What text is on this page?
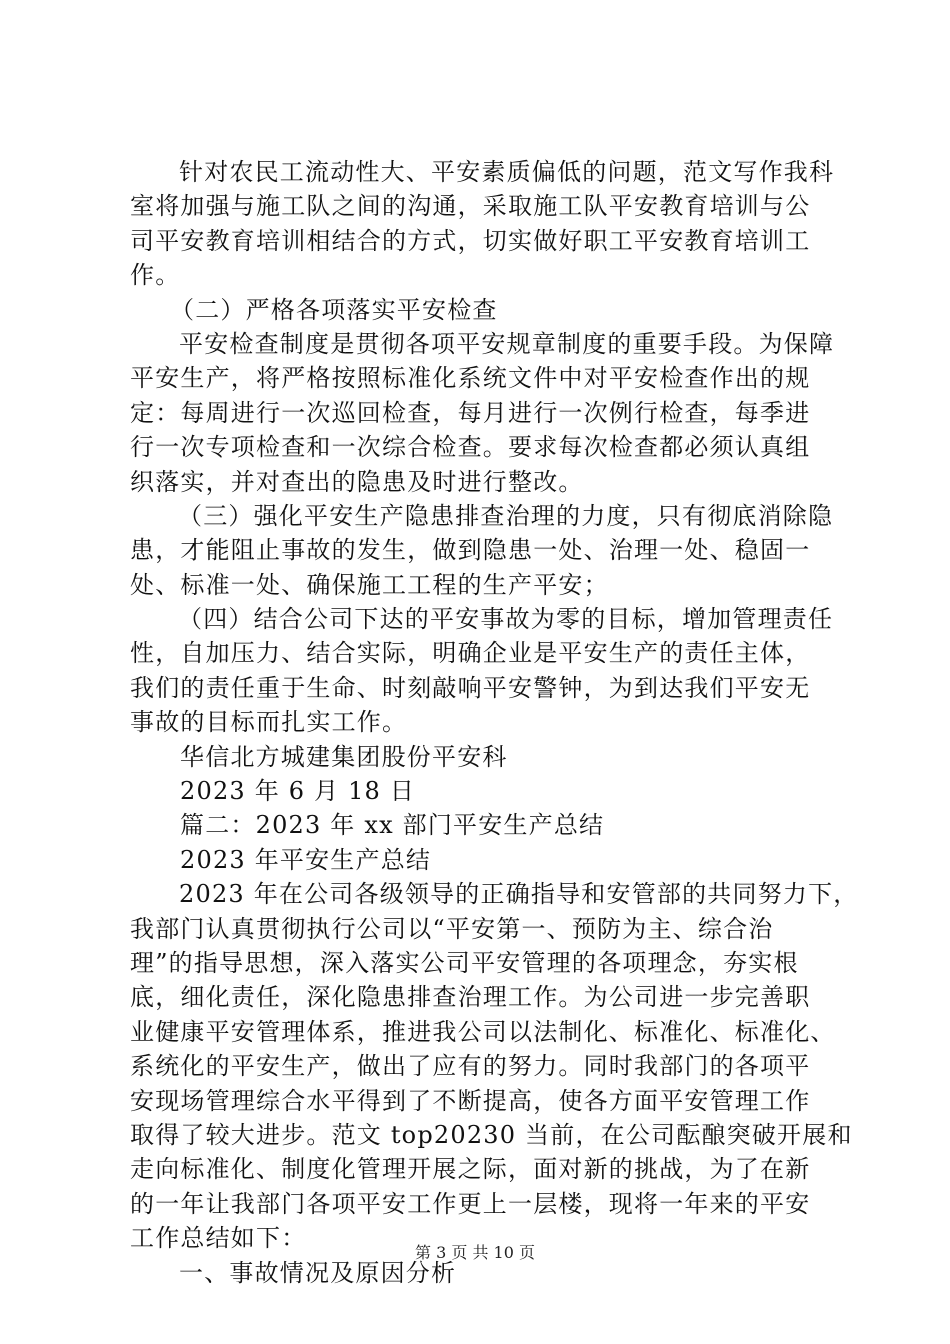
针对农民工流动性大、平安素质偏低的问题，范文写作我科
室将加强与施工队之间的沟通，采取施工队平安教育培训与公
司平安教育培训相结合的方式，切实做好职工平安教育培训工
作。
（二）严格各项落实平安检查
平安检查制度是贯彻各项平安规章制度的重要手段。为保障
平安生产，将严格按照标准化系统文件中对平安检查作出的规
定：每周进行一次巡回检查，每月进行一次例行检查，每季进
行一次专项检查和一次综合检查。要求每次检查都必须认真组
织落实，并对查出的隐患及时进行整改。
（三）强化平安生产隐患排查治理的力度，只有彻底消除隐
患，才能阻止事故的发生，做到隐患一处、治理一处、稳固一
处、标准一处、确保施工工程的生产平安；
（四）结合公司下达的平安事故为零的目标，增加管理责任
性，自加压力、结合实际，明确企业是平安生产的责任主体，
我们的责任重于生命、时刻敲响平安警钟，为到达我们平安无
事故的目标而扎实工作。
华信北方城建集团股份平安科
2023 年 6 月 18 日
篇二：2023 年 xx 部门平安生产总结
2023 年平安生产总结
2023 年在公司各级领导的正确指导和安管部的共同努力下，
我部门认真贯彻执行公司以“平安第一、预防为主、综合治
理”的指导思想，深入落实公司平安管理的各项理念，夯实根
底，细化责任，深化隐患排查治理工作。为公司进一步完善职
业健康平安管理体系，推进我公司以法制化、标准化、标准化、
系统化的平安生产，做出了应有的努力。同时我部门的各项平
安现场管理综合水平得到了不断提高，使各方面平安管理工作
取得了较大进步。范文 top20230 当前，在公司酝酿突破开展和
走向标准化、制度化管理开展之际，面对新的挑战，为了在新
的一年让我部门各项平安工作更上一层楼，现将一年来的平安
工作总结如下：
一、事故情况及原因分析
第 3 页 共 10 页
